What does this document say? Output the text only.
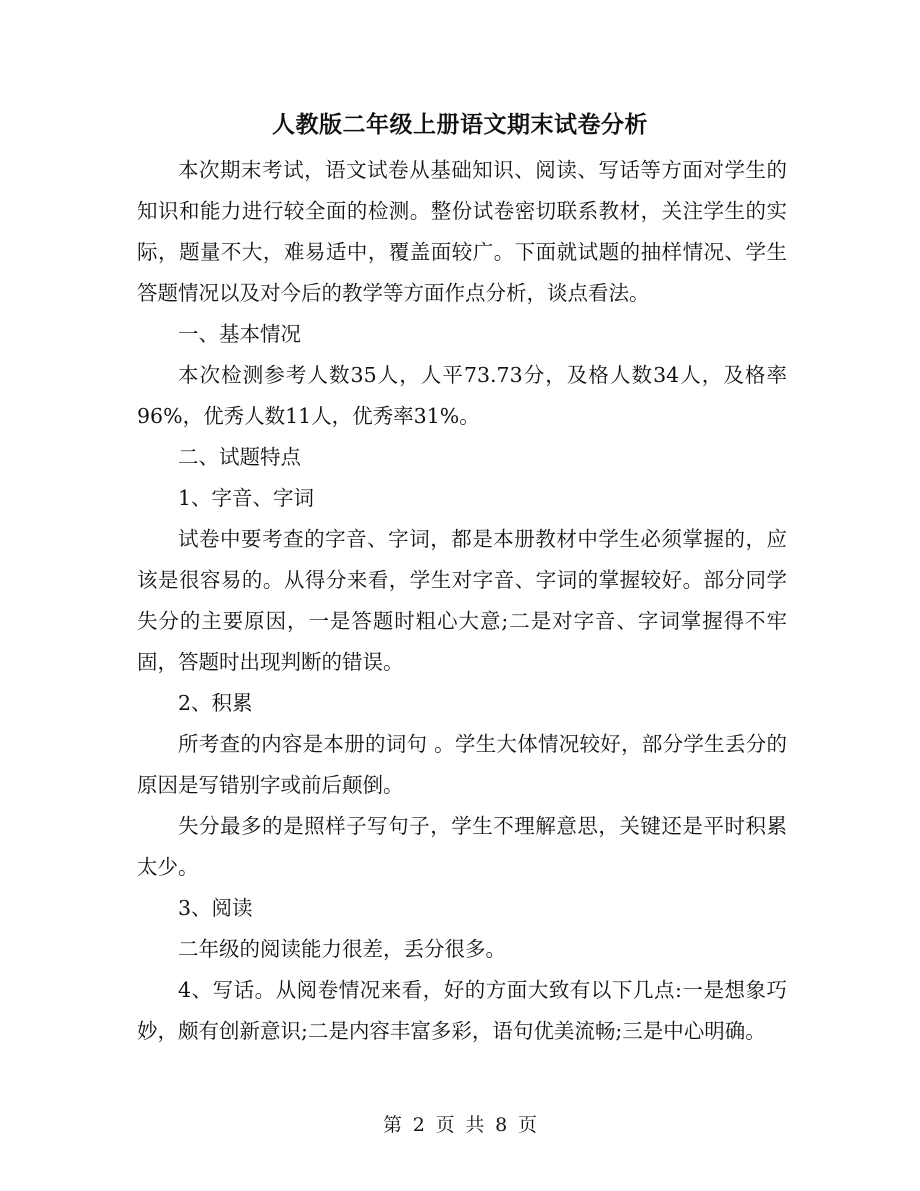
人教版二年级上册语文期末试卷分析

本次期末考试，语文试卷从基础知识、阅读、写话等方面对学生的知识和能力进行较全面的检测。整份试卷密切联系教材，关注学生的实际，题量不大，难易适中，覆盖面较广。下面就试题的抽样情况、学生答题情况以及对今后的教学等方面作点分析，谈点看法。

一、基本情况

本次检测参考人数35人，人平73.73分，及格人数34人，及格率96%，优秀人数11人，优秀率31%。

二、试题特点

1、字音、字词

试卷中要考查的字音、字词，都是本册教材中学生必须掌握的，应该是很容易的。从得分来看，学生对字音、字词的掌握较好。部分同学失分的主要原因，一是答题时粗心大意;二是对字音、字词掌握得不牢固，答题时出现判断的错误。

2、积累

所考查的内容是本册的词句 。学生大体情况较好，部分学生丢分的原因是写错别字或前后颠倒。

失分最多的是照样子写句子，学生不理解意思，关键还是平时积累太少。

3、阅读

二年级的阅读能力很差，丢分很多。

4、写话。从阅卷情况来看，好的方面大致有以下几点:一是想象巧妙，颇有创新意识;二是内容丰富多彩，语句优美流畅;三是中心明确。

第 2 页 共 8 页
